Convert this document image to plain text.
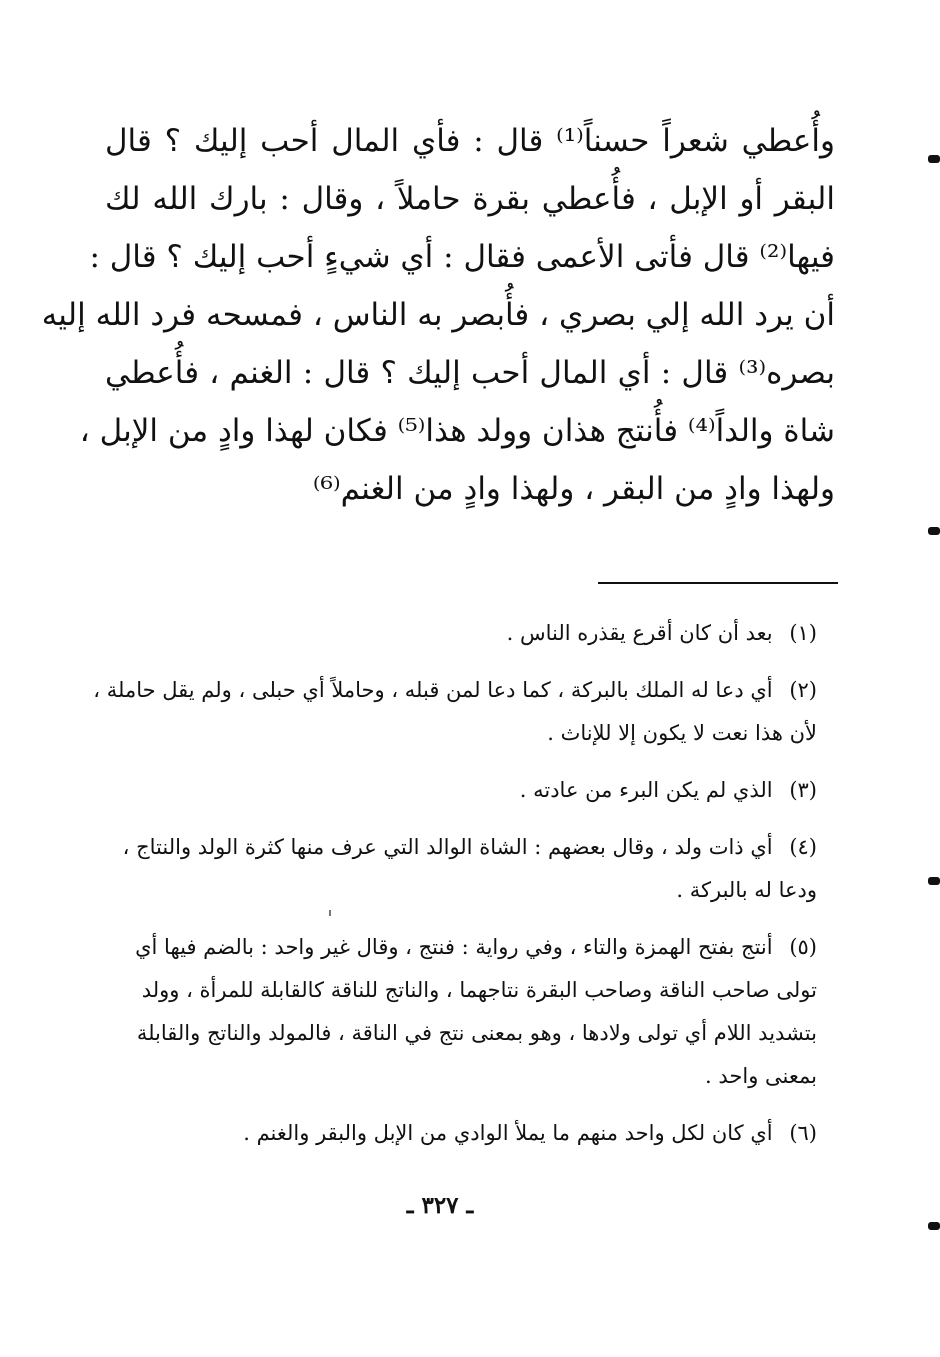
وأُعطي شعراً حسناً⁽¹⁾ قال : فأي المال أحب إليك ؟ قال
البقر أو الإبل ، فأُعطي بقرة حاملاً ، وقال : بارك الله لك
فيها⁽²⁾ قال فأتى الأعمى فقال : أي شيءٍ أحب إليك ؟ قال :
أن يرد الله إلي بصري ، فأُبصر به الناس ، فمسحه فرد الله إليه
بصره⁽³⁾ قال : أي المال أحب إليك ؟ قال : الغنم ، فأُعطي
شاة والداً⁽⁴⁾ فأُنتج هذان وولد هذا⁽⁵⁾ فكان لهذا وادٍ من الإبل ،
ولهذا وادٍ من البقر ، ولهذا وادٍ من الغنم⁽⁶⁾
(١) بعد أن كان أقرع يقذره الناس .
(٢) أي دعا له الملك بالبركة ، كما دعا لمن قبله ، وحاملاً أي حبلى ، ولم يقل حاملة ، لأن هذا نعت لا يكون إلا للإناث .
(٣) الذي لم يكن البرء من عادته .
(٤) أي ذات ولد ، وقال بعضهم : الشاة الوالد التي عرف منها كثرة الولد والنتاج ، ودعا له بالبركة .
(٥) أنتج بفتح الهمزة والتاء ، وفي رواية : فنتج ، وقال غير واحد : بالضم فيها أي تولى صاحب الناقة وصاحب البقرة نتاجهما ، والناتج للناقة كالقابلة للمرأة ، وولد بتشديد اللام أي تولى ولادها ، وهو بمعنى نتج في الناقة ، فالمولد والناتج والقابلة بمعنى واحد .
(٦) أي كان لكل واحد منهم ما يملأ الوادي من الإبل والبقر والغنم .
ـ ٣٢٧ ـ
